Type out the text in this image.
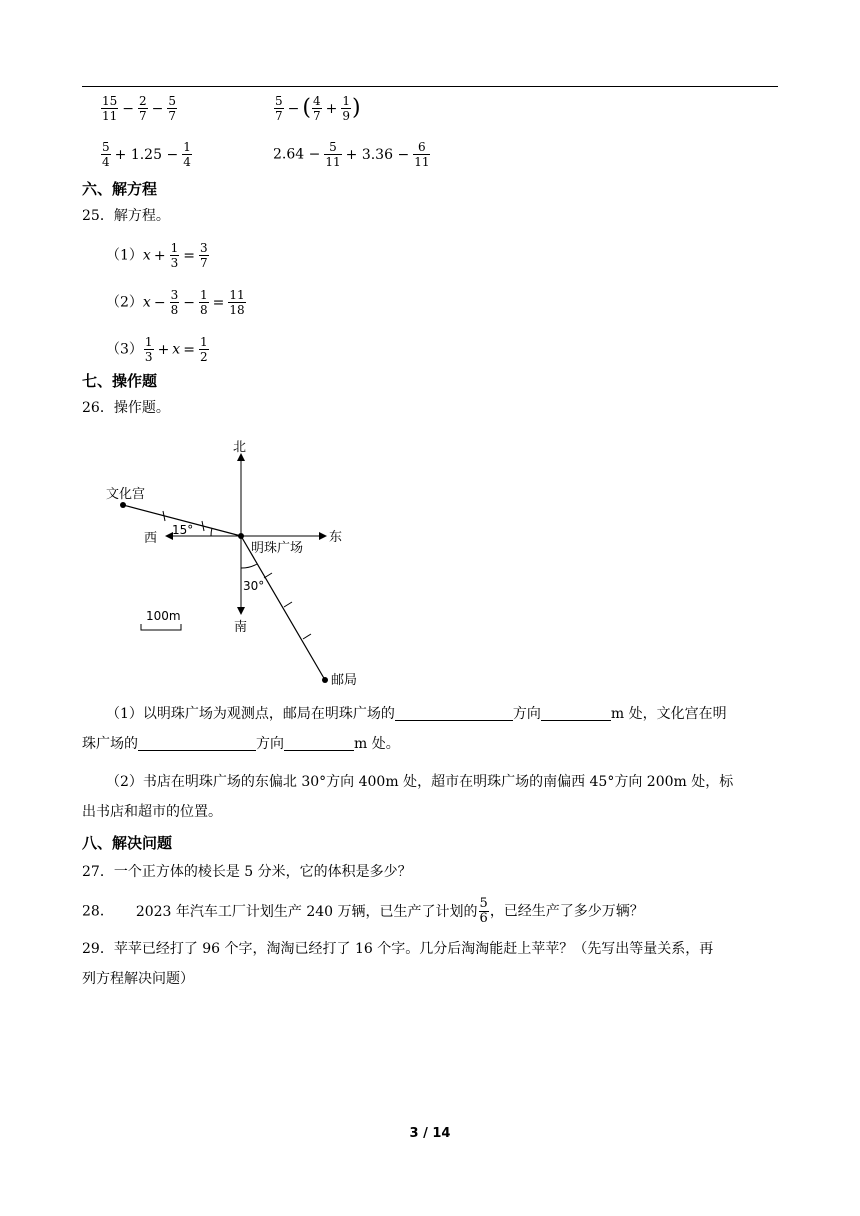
$\frac{15}{11} - \frac{2}{7} - \frac{5}{7}$	$\frac{5}{7}$ − ( $\frac{4}{7} + \frac{1}{9}$ )
$\frac{5}{4} + 1.25 - \frac{1}{4}$	$2.64 - \frac{5}{11} + 3.36 - \frac{6}{11}$
六、解方程
25．解方程。
$(1)x + \frac{1}{3} = \frac{3}{7}$
$(2)x - \frac{3}{8} - \frac{1}{8} = \frac{11}{18}$
$(3) \frac{1}{3} + x = \frac{1}{2}$
七、操作题
26．操作题。
北
南
东
西
文化宫
明珠广场
邮局
15°
30°
100m
（1）以明珠广场为观测点，邮局在明珠广场的	方向	m 处，文化宫在明
珠广场的	方向	m 处。
（2）书店在明珠广场的东偏北 30°方向 400m 处，超市在明珠广场的南偏西 45°方向 200m 处，标
出书店和超市的位置。
八、解决问题
27．一个正方体的棱长是 5 分米，它的体积是多少？
28． 2023 年汽车工厂计划生产 240 万辆，已生产了计划的 $\frac{5}{6}$ ，已经生产了多少万辆？
29．苹苹已经打了 96 个字，淘淘已经打了 16 个字。几分后淘淘能赶上苹苹？（先写出等量关系，再
列方程解决问题）
3 / 14
